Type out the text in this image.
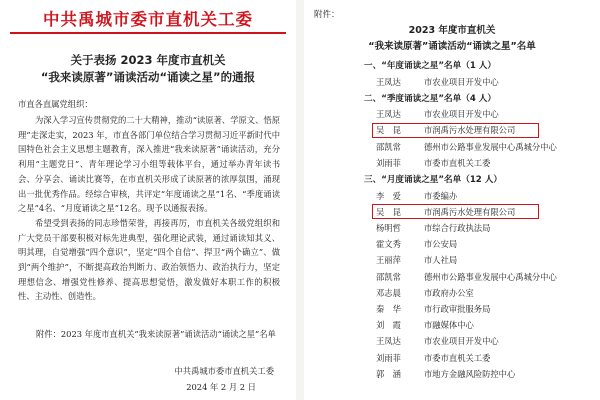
中共禹城市委市直机关工委
关于表扬 2023 年度市直机关
“我来读原著”诵读活动“诵读之星”的通报
市直各直属党组织：

为深入学习宣传贯彻党的二十大精神，推动“读原著、学原文、悟原理”走深走实，2023 年，市直各部门单位结合学习贯彻习近平新时代中国特色社会主义思想主题教育，深入推进“我来读原著”诵读活动，充分利用“主题党日”、青年理论学习小组等载体平台，通过举办青年读书会、分享会、诵读比赛等，在市直机关形成了读原著的浓厚氛围，涌现出一批优秀作品。经综合审核，共评定“年度诵读之星”1名、“季度诵读之星”4名、“月度诵读之星”12名。现予以通报表扬。

希望受到表扬的同志珍惜荣誉，再接再厉，市直机关各级党组织和广大党员干部要积极对标先进典型，强化理论武装，通过诵读知其义、明其理，自觉增强“四个意识”，坚定“四个自信”、捍卫“两个确立”、做到“两个维护”，不断提高政治判断力、政治领悟力、政治执行力，坚定理想信念、增强党性修养、提高思想觉悟，激发做好本职工作的积极性、主动性、创造性。

附件：2023 年度市直机关“我来读原著”诵读活动“诵读之星”名单
中共禹城市委市直机关工委
2024 年 2 月 2 日
附件：
2023 年度市直机关
“我来读原著”诵读活动“诵读之星”名单
一、“年度诵读之星”名单（1 人）
王凤达	市农业项目开发中心
二、“季度诵读之星”名单（4 人）
王凤达	市农业项目开发中心
吴　昆	市润禹污水处理有限公司
邵凯常	德州市公路事业发展中心禹城分中心
刘雨菲	市委市直机关工委
三、“月度诵读之星”名单（12 人）
李　爱	市委编办
吴　昆	市润禹污水处理有限公司
杨明哲	市综合行政执法局
霍文秀	市公安局
王丽萍	市人社局
邵凯常	德州市公路事业发展中心禹城分中心
邓志晨	市政府办公室
秦　华	市行政审批服务局
刘　霞	市融媒体中心
王凤达	市农业项目开发中心
刘雨菲	市委市直机关工委
郭　涵	市地方金融风险防控中心
